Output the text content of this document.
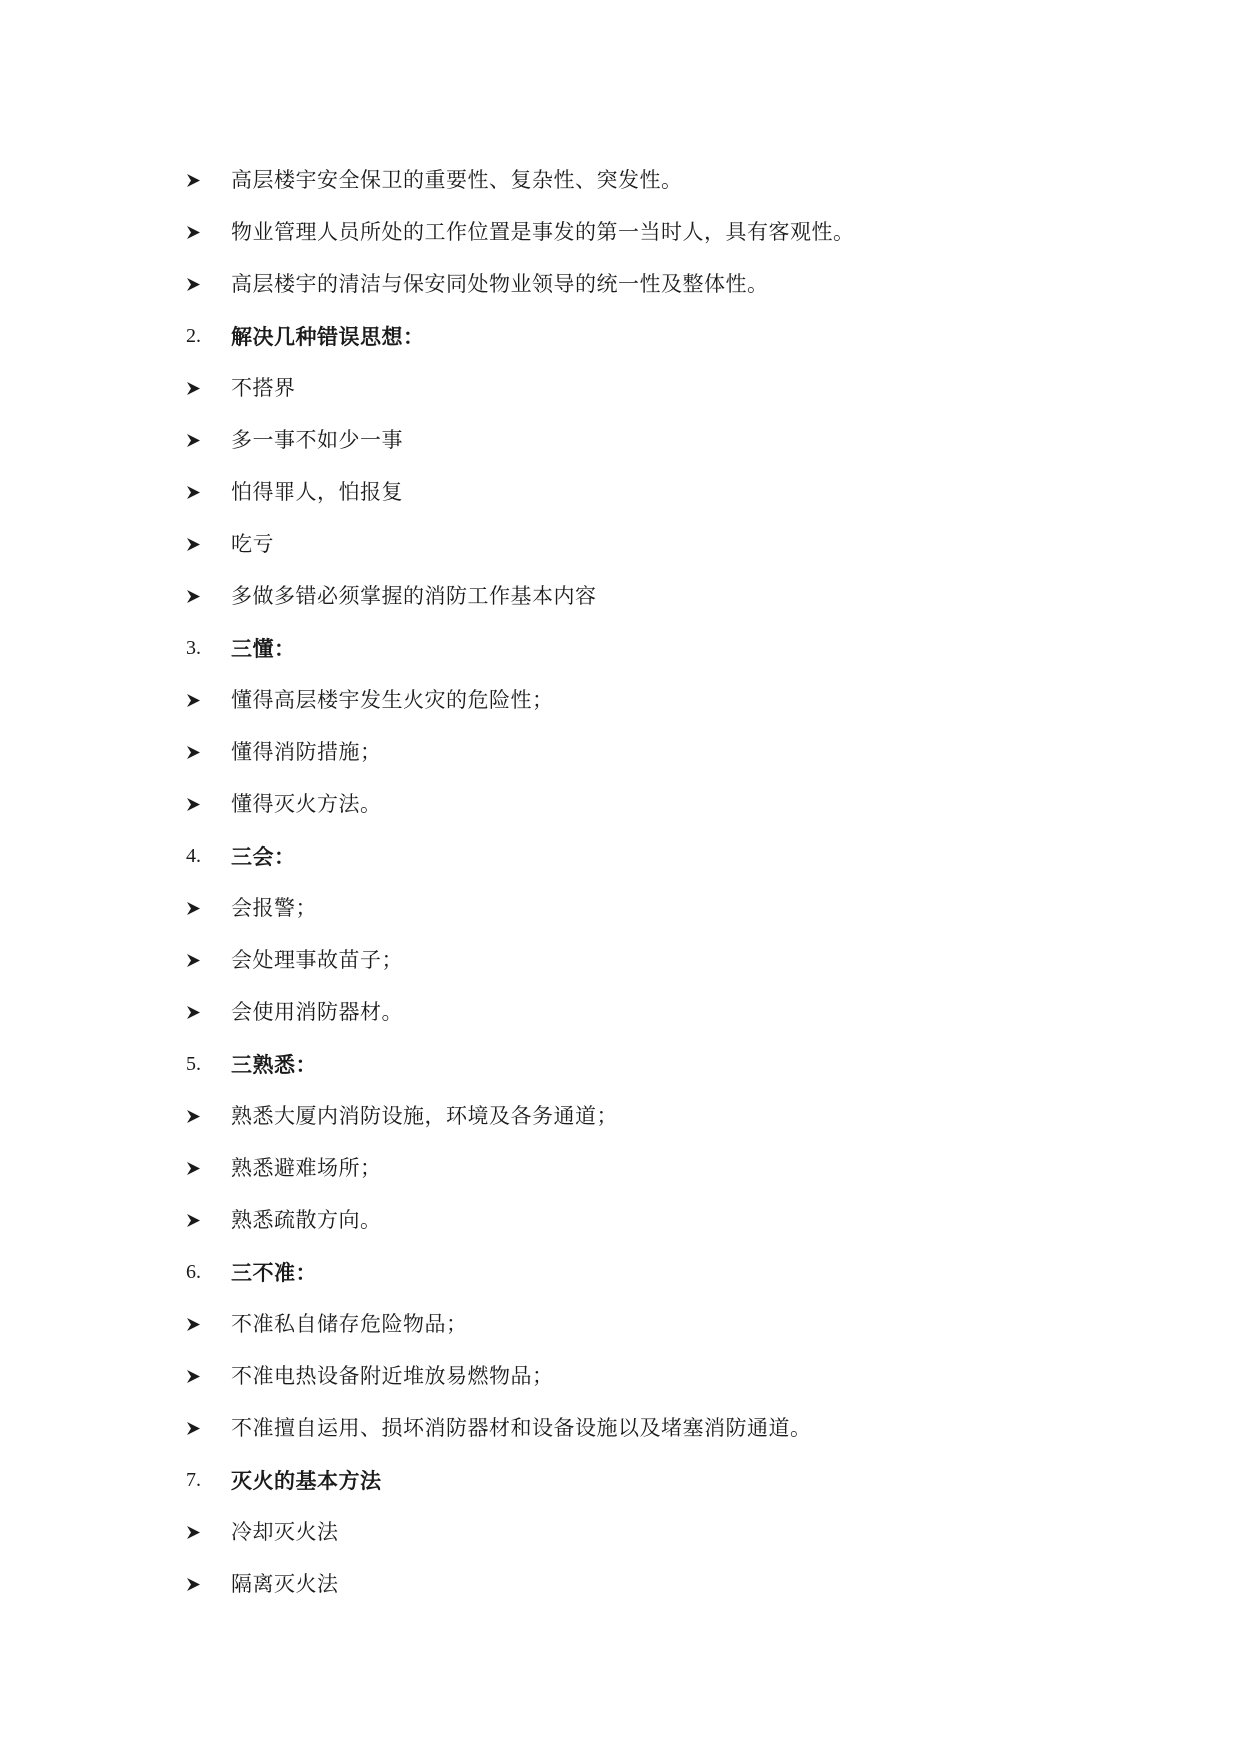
高层楼宇安全保卫的重要性、复杂性、突发性。
物业管理人员所处的工作位置是事发的第一当时人，具有客观性。
高层楼宇的清洁与保安同处物业领导的统一性及整体性。
2. 解决几种错误思想：
不搭界
多一事不如少一事
怕得罪人，怕报复
吃亏
多做多错必须掌握的消防工作基本内容
3. 三懂：
懂得高层楼宇发生火灾的危险性；
懂得消防措施；
懂得灭火方法。
4. 三会：
会报警；
会处理事故苗子；
会使用消防器材。
5. 三熟悉：
熟悉大厦内消防设施，环境及各务通道；
熟悉避难场所；
熟悉疏散方向。
6. 三不准：
不准私自储存危险物品；
不准电热设备附近堆放易燃物品；
不准擅自运用、损坏消防器材和设备设施以及堵塞消防通道。
7. 灭火的基本方法
冷却灭火法
隔离灭火法
